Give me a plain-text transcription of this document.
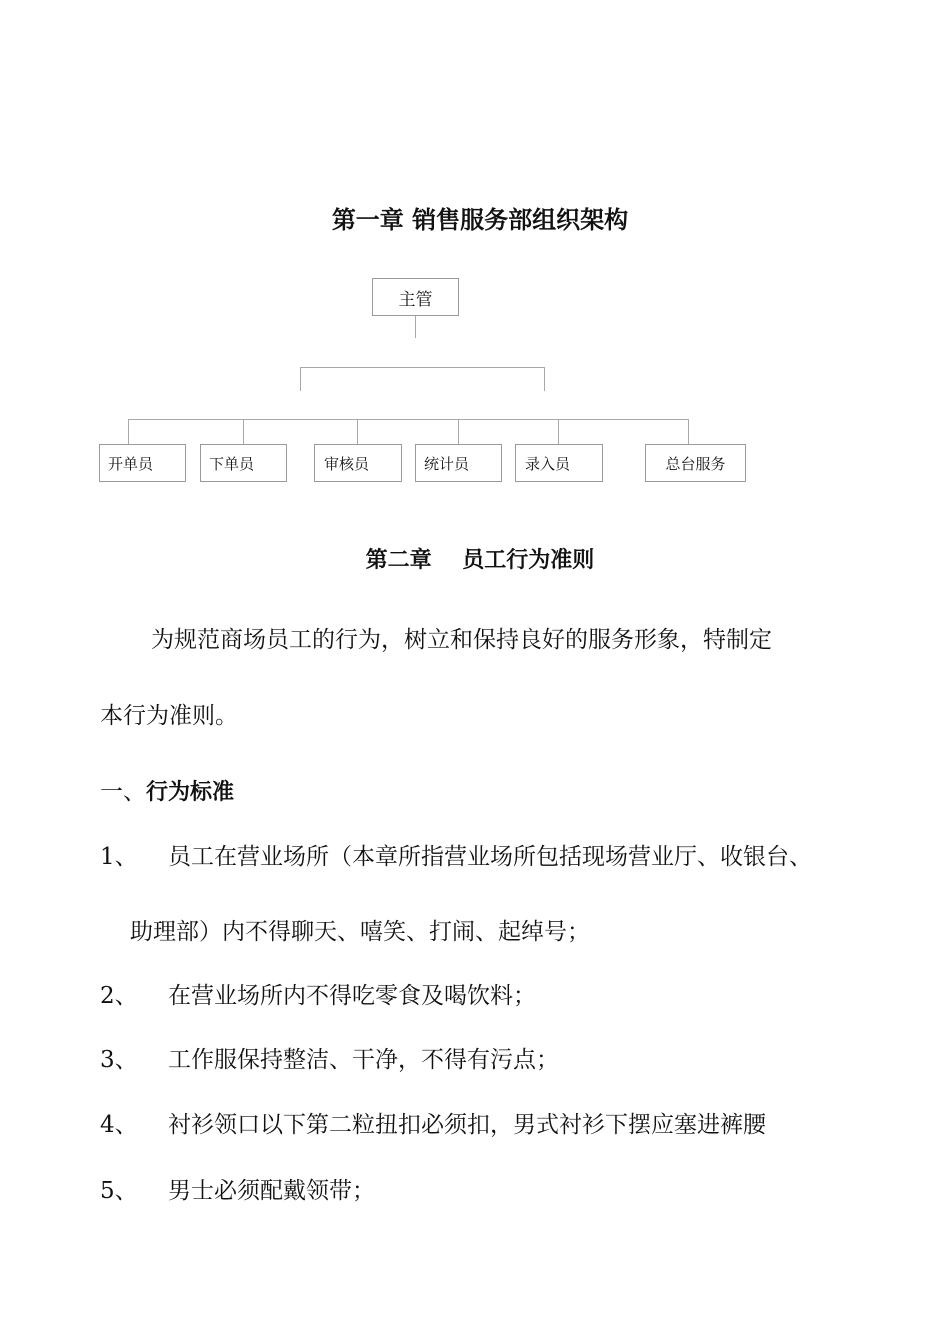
第一章 销售服务部组织架构
主管
开单员	下单员	审核员	统计员	录入员	总台服务
第二章    员工行为准则
为规范商场员工的行为，树立和保持良好的服务形象，特制定
本行为准则。
一、行为标准
1、 员工在营业场所（本章所指营业场所包括现场营业厅、收银台、
助理部）内不得聊天、嘻笑、打闹、起绰号；
2、 在营业场所内不得吃零食及喝饮料；
3、 工作服保持整洁、干净，不得有污点；
4、 衬衫领口以下第二粒扭扣必须扣，男式衬衫下摆应塞进裤腰
5、 男士必须配戴领带；
